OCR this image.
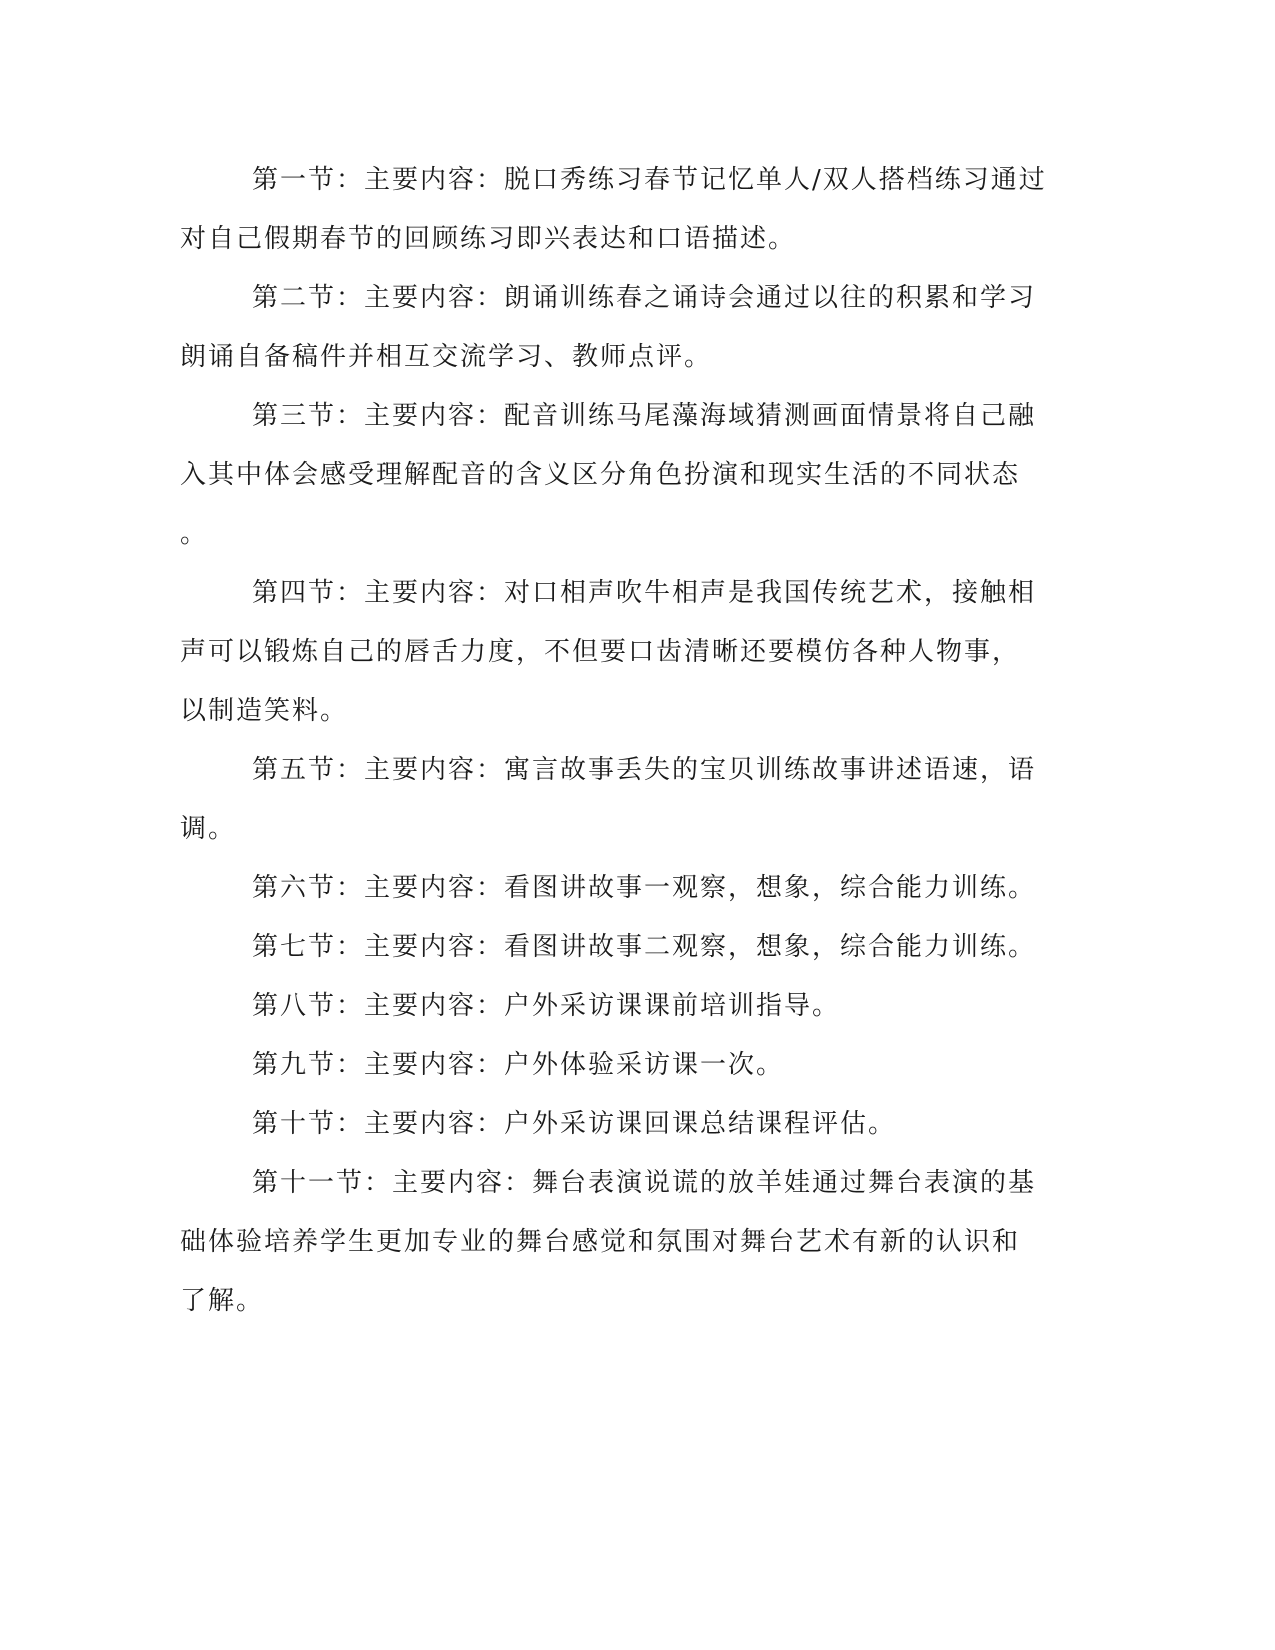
第一节：主要内容：脱口秀练习春节记忆单人/双人搭档练习通过
对自己假期春节的回顾练习即兴表达和口语描述。
第二节：主要内容：朗诵训练春之诵诗会通过以往的积累和学习
朗诵自备稿件并相互交流学习、教师点评。
第三节：主要内容：配音训练马尾藻海域猜测画面情景将自己融
入其中体会感受理解配音的含义区分角色扮演和现实生活的不同状态
。
第四节：主要内容：对口相声吹牛相声是我国传统艺术，接触相
声可以锻炼自己的唇舌力度，不但要口齿清晰还要模仿各种人物事，
以制造笑料。
第五节：主要内容：寓言故事丢失的宝贝训练故事讲述语速，语
调。
第六节：主要内容：看图讲故事一观察，想象，综合能力训练。
第七节：主要内容：看图讲故事二观察，想象，综合能力训练。
第八节：主要内容：户外采访课课前培训指导。
第九节：主要内容：户外体验采访课一次。
第十节：主要内容：户外采访课回课总结课程评估。
第十一节：主要内容：舞台表演说谎的放羊娃通过舞台表演的基
础体验培养学生更加专业的舞台感觉和氛围对舞台艺术有新的认识和
了解。
